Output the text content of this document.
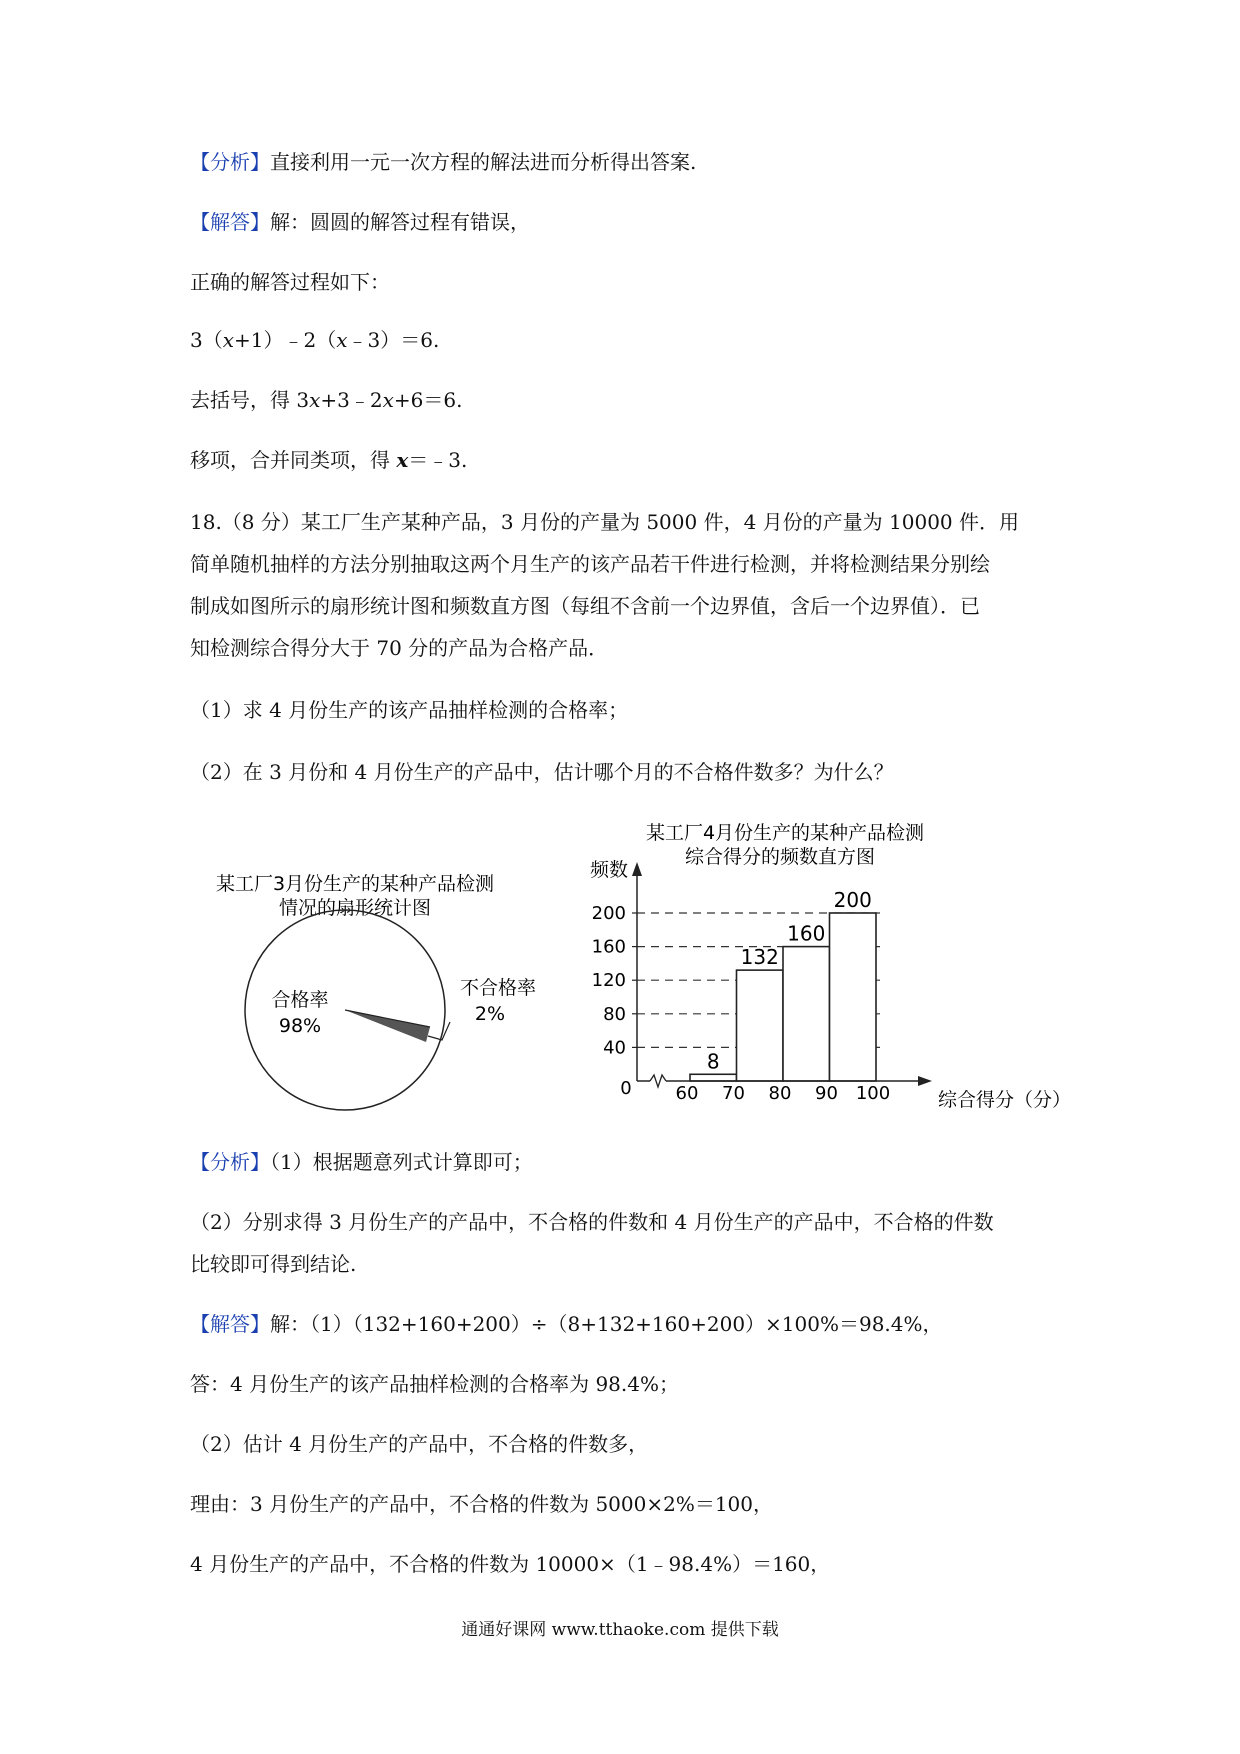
【分析】直接利用一元一次方程的解法进而分析得出答案.
【解答】解：圆圆的解答过程有错误，
正确的解答过程如下：
3（x+1）﹣2（x﹣3）＝6.
去括号，得 3x+3﹣2x+6＝6.
移项，合并同类项，得 x＝﹣3.
18.（8 分）某工厂生产某种产品，3 月份的产量为 5000 件，4 月份的产量为 10000 件．用
简单随机抽样的方法分别抽取这两个月生产的该产品若干件进行检测，并将检测结果分别绘
制成如图所示的扇形统计图和频数直方图（每组不含前一个边界值，含后一个边界值）．已
知检测综合得分大于 70 分的产品为合格产品．
（1）求 4 月份生产的该产品抽样检测的合格率；
（2）在 3 月份和 4 月份生产的产品中，估计哪个月的不合格件数多？为什么？
某工厂3月份生产的某种产品检测
情况的扇形统计图
合格率
98%
不合格率
2%
某工厂4月份生产的某种产品检测
综合得分的频数直方图
频数
40
80
120
160
200
60 70 80 90 100
8
132
160
200
0
综合得分（分）
【分析】（1）根据题意列式计算即可；
（2）分别求得 3 月份生产的产品中，不合格的件数和 4 月份生产的产品中，不合格的件数
比较即可得到结论.
【解答】解：（1）（132+160+200）÷（8+132+160+200）×100%＝98.4%，
答：4 月份生产的该产品抽样检测的合格率为 98.4%；
（2）估计 4 月份生产的产品中，不合格的件数多，
理由：3 月份生产的产品中，不合格的件数为 5000×2%＝100，
4 月份生产的产品中，不合格的件数为 10000×（1﹣98.4%）＝160，
通通好课网 www.tthaoke.com 提供下载
